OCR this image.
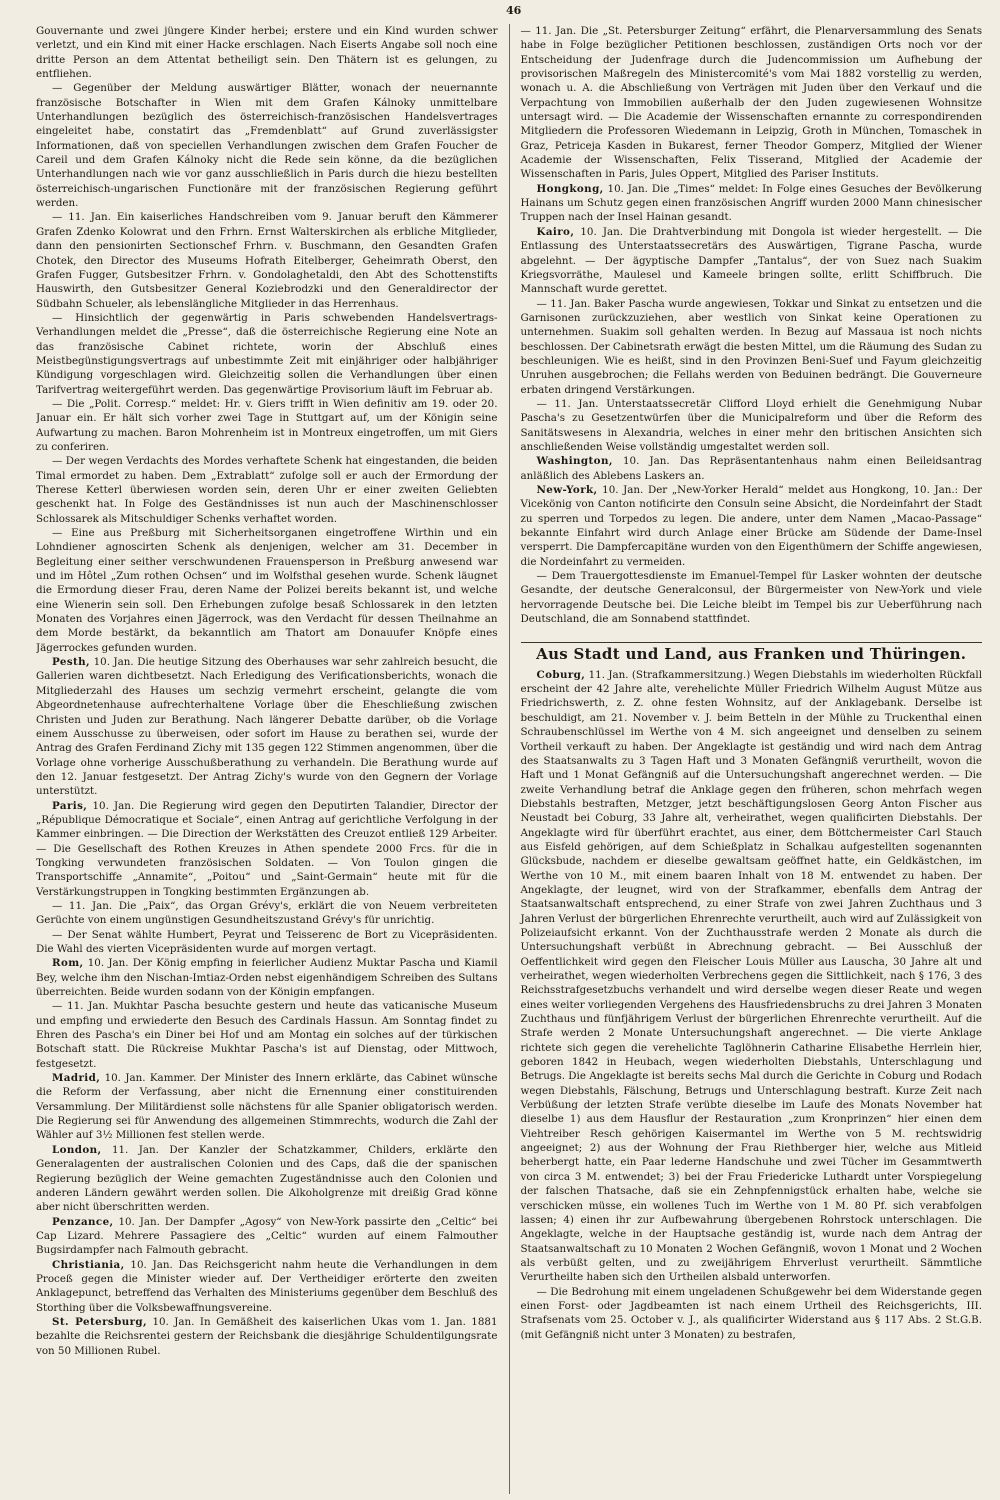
46

Gouvernante und zwei jüngere Kinder herbei; erstere und ein Kind wurden schwer verletzt, und ein Kind mit einer Hacke erschlagen. Nach Eiserts Angabe soll noch eine dritte Person an dem Attentat betheiligt sein. Den Thätern ist es gelungen, zu entfliehen.

— Gegenüber der Meldung auswärtiger Blätter, wonach der neuernannte französische Botschafter in Wien mit dem Grafen Kálnoky unmittelbare Unterhandlungen bezüglich des österreichisch-französischen Handelsvertrages eingeleitet habe, constatirt das „Fremdenblatt“ auf Grund zuverlässigster Informationen, daß von speciellen Verhandlungen zwischen dem Grafen Foucher de Careil und dem Grafen Kálnoky nicht die Rede sein könne, da die bezüglichen Unterhandlungen nach wie vor ganz ausschließlich in Paris durch die hiezu bestellten österreichisch-ungarischen Functionäre mit der französischen Regierung geführt werden.

— 11. Jan. Ein kaiserliches Handschreiben vom 9. Januar beruft den Kämmerer Grafen Zdenko Kolowrat und den Frhrn. Ernst Walterskirchen als erbliche Mitglieder, dann den pensionirten Sectionschef Frhrn. v. Buschmann, den Gesandten Grafen Chotek, den Director des Museums Hofrath Eitelberger, Geheimrath Oberst, den Grafen Fugger, Gutsbesitzer Frhrn. v. Gondolaghetaldi, den Abt des Schottenstifts Hauswirth, den Gutsbesitzer General Koziebrodzki und den Generaldirector der Südbahn Schueler, als lebenslängliche Mitglieder in das Herrenhaus.

— Hinsichtlich der gegenwärtig in Paris schwebenden Handelsvertrags-Verhandlungen meldet die „Presse“, daß die österreichische Regierung eine Note an das französische Cabinet richtete, worin der Abschluß eines Meistbegünstigungsvertrags auf unbestimmte Zeit mit einjähriger oder halbjähriger Kündigung vorgeschlagen wird. Gleichzeitig sollen die Verhandlungen über einen Tarifvertrag weitergeführt werden. Das gegenwärtige Provisorium läuft im Februar ab.

— Die „Polit. Corresp.“ meldet: Hr. v. Giers trifft in Wien definitiv am 19. oder 20. Januar ein. Er hält sich vorher zwei Tage in Stuttgart auf, um der Königin seine Aufwartung zu machen. Baron Mohrenheim ist in Montreux eingetroffen, um mit Giers zu conferiren.

— Der wegen Verdachts des Mordes verhaftete Schenk hat eingestanden, die beiden Timal ermordet zu haben. Dem „Extrablatt“ zufolge soll er auch der Ermordung der Therese Ketterl überwiesen worden sein, deren Uhr er einer zweiten Geliebten geschenkt hat. In Folge des Geständnisses ist nun auch der Maschinenschlosser Schlossarek als Mitschuldiger Schenks verhaftet worden.

— Eine aus Preßburg mit Sicherheitsorganen eingetroffene Wirthin und ein Lohndiener agnoscirten Schenk als denjenigen, welcher am 31. December in Begleitung einer seither verschwundenen Frauensperson in Preßburg anwesend war und im Hôtel „Zum rothen Ochsen“ und im Wolfsthal gesehen wurde. Schenk läugnet die Ermordung dieser Frau, deren Name der Polizei bereits bekannt ist, und welche eine Wienerin sein soll. Den Erhebungen zufolge besaß Schlossarek in den letzten Monaten des Vorjahres einen Jägerrock, was den Verdacht für dessen Theilnahme an dem Morde bestärkt, da bekanntlich am Thatort am Donauufer Knöpfe eines Jägerrockes gefunden wurden.

Pesth, 10. Jan. Die heutige Sitzung des Oberhauses war sehr zahlreich besucht, die Gallerien waren dichtbesetzt. Nach Erledigung des Verificationsberichts, wonach die Mitgliederzahl des Hauses um sechzig vermehrt erscheint, gelangte die vom Abgeordnetenhause aufrechterhaltene Vorlage über die Eheschließung zwischen Christen und Juden zur Berathung. Nach längerer Debatte darüber, ob die Vorlage einem Ausschusse zu überweisen, oder sofort im Hause zu berathen sei, wurde der Antrag des Grafen Ferdinand Zichy mit 135 gegen 122 Stimmen angenommen, über die Vorlage ohne vorherige Ausschußberathung zu verhandeln. Die Berathung wurde auf den 12. Januar festgesetzt. Der Antrag Zichy's wurde von den Gegnern der Vorlage unterstützt.

Paris, 10. Jan. Die Regierung wird gegen den Deputirten Talandier, Director der „République Démocratique et Sociale“, einen Antrag auf gerichtliche Verfolgung in der Kammer einbringen. — Die Direction der Werkstätten des Creuzot entließ 129 Arbeiter. — Die Gesellschaft des Rothen Kreuzes in Athen spendete 2000 Frcs. für die in Tongking verwundeten französischen Soldaten. — Von Toulon gingen die Transportschiffe „Annamite“, „Poitou“ und „Saint-Germain“ heute mit für die Verstärkungstruppen in Tongking bestimmten Ergänzungen ab.

— 11. Jan. Die „Paix“, das Organ Grévy's, erklärt die von Neuem verbreiteten Gerüchte von einem ungünstigen Gesundheitszustand Grévy's für unrichtig.

— Der Senat wählte Humbert, Peyrat und Teisserenc de Bort zu Vicepräsidenten. Die Wahl des vierten Vicepräsidenten wurde auf morgen vertagt.

Rom, 10. Jan. Der König empfing in feierlicher Audienz Muktar Pascha und Kiamil Bey, welche ihm den Nischan-Imtiaz-Orden nebst eigenhändigem Schreiben des Sultans überreichten. Beide wurden sodann von der Königin empfangen.

— 11. Jan. Mukhtar Pascha besuchte gestern und heute das vaticanische Museum und empfing und erwiederte den Besuch des Cardinals Hassun. Am Sonntag findet zu Ehren des Pascha's ein Diner bei Hof und am Montag ein solches auf der türkischen Botschaft statt. Die Rückreise Mukhtar Pascha's ist auf Dienstag, oder Mittwoch, festgesetzt.

Madrid, 10. Jan. Kammer. Der Minister des Innern erklärte, das Cabinet wünsche die Reform der Verfassung, aber nicht die Ernennung einer constituirenden Versammlung. Der Militärdienst solle nächstens für alle Spanier obligatorisch werden. Die Regierung sei für Anwendung des allgemeinen Stimmrechts, wodurch die Zahl der Wähler auf 3½ Millionen fest stellen werde.

London, 11. Jan. Der Kanzler der Schatzkammer, Childers, erklärte den Generalagenten der australischen Colonien und des Caps, daß die der spanischen Regierung bezüglich der Weine gemachten Zugeständnisse auch den Colonien und anderen Ländern gewährt werden sollen. Die Alkoholgrenze mit dreißig Grad könne aber nicht überschritten werden.

Penzance, 10. Jan. Der Dampfer „Agosy“ von New-York passirte den „Celtic“ bei Cap Lizard. Mehrere Passagiere des „Celtic“ wurden auf einem Falmouther Bugsirdampfer nach Falmouth gebracht.

Christiania, 10. Jan. Das Reichsgericht nahm heute die Verhandlungen in dem Proceß gegen die Minister wieder auf. Der Vertheidiger erörterte den zweiten Anklagepunct, betreffend das Verhalten des Ministeriums gegenüber dem Beschluß des Storthing über die Volksbewaffnungsvereine.

St. Petersburg, 10. Jan. In Gemäßheit des kaiserlichen Ukas vom 1. Jan. 1881 bezahlte die Reichsrentei gestern der Reichsbank die diesjährige Schuldentilgungsrate von 50 Millionen Rubel.

— 11. Jan. Die „St. Petersburger Zeitung“ erfährt, die Plenarversammlung des Senats habe in Folge bezüglicher Petitionen beschlossen, zuständigen Orts noch vor der Entscheidung der Judenfrage durch die Judencommission um Aufhebung der provisorischen Maßregeln des Ministercomité's vom Mai 1882 vorstellig zu werden, wonach u. A. die Abschließung von Verträgen mit Juden über den Verkauf und die Verpachtung von Immobilien außerhalb der den Juden zugewiesenen Wohnsitze untersagt wird. — Die Academie der Wissenschaften ernannte zu correspondirenden Mitgliedern die Professoren Wiedemann in Leipzig, Groth in München, Tomaschek in Graz, Petriceja Kasden in Bukarest, ferner Theodor Gomperz, Mitglied der Wiener Academie der Wissenschaften, Felix Tisserand, Mitglied der Academie der Wissenschaften in Paris, Jules Oppert, Mitglied des Pariser Instituts.

Hongkong, 10. Jan. Die „Times“ meldet: In Folge eines Gesuches der Bevölkerung Hainans um Schutz gegen einen französischen Angriff wurden 2000 Mann chinesischer Truppen nach der Insel Hainan gesandt.

Kairo, 10. Jan. Die Drahtverbindung mit Dongola ist wieder hergestellt. — Die Entlassung des Unterstaatssecretärs des Auswärtigen, Tigrane Pascha, wurde abgelehnt. — Der ägyptische Dampfer „Tantalus“, der von Suez nach Suakim Kriegsvorräthe, Maulesel und Kameele bringen sollte, erlitt Schiffbruch. Die Mannschaft wurde gerettet.

— 11. Jan. Baker Pascha wurde angewiesen, Tokkar und Sinkat zu entsetzen und die Garnisonen zurückzuziehen, aber westlich von Sinkat keine Operationen zu unternehmen. Suakim soll gehalten werden. In Bezug auf Massaua ist noch nichts beschlossen. Der Cabinetsrath erwägt die besten Mittel, um die Räumung des Sudan zu beschleunigen. Wie es heißt, sind in den Provinzen Beni-Suef und Fayum gleichzeitig Unruhen ausgebrochen; die Fellahs werden von Beduinen bedrängt. Die Gouverneure erbaten dringend Verstärkungen.

— 11. Jan. Unterstaatssecretär Clifford Lloyd erhielt die Genehmigung Nubar Pascha's zu Gesetzentwürfen über die Municipalreform und über die Reform des Sanitätswesens in Alexandria, welches in einer mehr den britischen Ansichten sich anschließenden Weise vollständig umgestaltet werden soll.

Washington, 10. Jan. Das Repräsentantenhaus nahm einen Beileidsantrag anläßlich des Ablebens Laskers an.

New-York, 10. Jan. Der „New-Yorker Herald“ meldet aus Hongkong, 10. Jan.: Der Vicekönig von Canton notificirte den Consuln seine Absicht, die Nordeinfahrt der Stadt zu sperren und Torpedos zu legen. Die andere, unter dem Namen „Macao-Passage“ bekannte Einfahrt wird durch Anlage einer Brücke am Südende der Dame-Insel versperrt. Die Dampfercapitäne wurden von den Eigenthümern der Schiffe angewiesen, die Nordeinfahrt zu vermeiden.

— Dem Trauergottesdienste im Emanuel-Tempel für Lasker wohnten der deutsche Gesandte, der deutsche Generalconsul, der Bürgermeister von New-York und viele hervorragende Deutsche bei. Die Leiche bleibt im Tempel bis zur Ueberführung nach Deutschland, die am Sonnabend stattfindet.

Aus Stadt und Land, aus Franken und Thüringen.

Coburg, 11. Jan. (Strafkammersitzung.) Wegen Diebstahls im wiederholten Rückfall erscheint der 42 Jahre alte, verehelichte Müller Friedrich Wilhelm August Mütze aus Friedrichswerth, z. Z. ohne festen Wohnsitz, auf der Anklagebank. Derselbe ist beschuldigt, am 21. November v. J. beim Betteln in der Mühle zu Truckenthal einen Schraubenschlüssel im Werthe von 4 M. sich angeeignet und denselben zu seinem Vortheil verkauft zu haben. Der Angeklagte ist geständig und wird nach dem Antrag des Staatsanwalts zu 3 Tagen Haft und 3 Monaten Gefängniß verurtheilt, wovon die Haft und 1 Monat Gefängniß auf die Untersuchungshaft angerechnet werden. — Die zweite Verhandlung betraf die Anklage gegen den früheren, schon mehrfach wegen Diebstahls bestraften, Metzger, jetzt beschäftigungslosen Georg Anton Fischer aus Neustadt bei Coburg, 33 Jahre alt, verheirathet, wegen qualificirten Diebstahls. Der Angeklagte wird für überführt erachtet, aus einer, dem Böttchermeister Carl Stauch aus Eisfeld gehörigen, auf dem Schießplatz in Schalkau aufgestellten sogenannten Glücksbude, nachdem er dieselbe gewaltsam geöffnet hatte, ein Geldkästchen, im Werthe von 10 M., mit einem baaren Inhalt von 18 M. entwendet zu haben. Der Angeklagte, der leugnet, wird von der Strafkammer, ebenfalls dem Antrag der Staatsanwaltschaft entsprechend, zu einer Strafe von zwei Jahren Zuchthaus und 3 Jahren Verlust der bürgerlichen Ehrenrechte verurtheilt, auch wird auf Zulässigkeit von Polizeiaufsicht erkannt. Von der Zuchthausstrafe werden 2 Monate als durch die Untersuchungshaft verbüßt in Abrechnung gebracht. — Bei Ausschluß der Oeffentlichkeit wird gegen den Fleischer Louis Müller aus Lauscha, 30 Jahre alt und verheirathet, wegen wiederholten Verbrechens gegen die Sittlichkeit, nach § 176, 3 des Reichsstrafgesetzbuchs verhandelt und wird derselbe wegen dieser Reate und wegen eines weiter vorliegenden Vergehens des Hausfriedensbruchs zu drei Jahren 3 Monaten Zuchthaus und fünfjährigem Verlust der bürgerlichen Ehrenrechte verurtheilt. Auf die Strafe werden 2 Monate Untersuchungshaft angerechnet. — Die vierte Anklage richtete sich gegen die verehelichte Taglöhnerin Catharine Elisabethe Herrlein hier, geboren 1842 in Heubach, wegen wiederholten Diebstahls, Unterschlagung und Betrugs. Die Angeklagte ist bereits sechs Mal durch die Gerichte in Coburg und Rodach wegen Diebstahls, Fälschung, Betrugs und Unterschlagung bestraft. Kurze Zeit nach Verbüßung der letzten Strafe verübte dieselbe im Laufe des Monats November hat dieselbe 1) aus dem Hausflur der Restauration „zum Kronprinzen“ hier einen dem Viehtreiber Resch gehörigen Kaisermantel im Werthe von 5 M. rechtswidrig angeeignet; 2) aus der Wohnung der Frau Riethberger hier, welche aus Mitleid beherbergt hatte, ein Paar lederne Handschuhe und zwei Tücher im Gesammtwerth von circa 3 M. entwendet; 3) bei der Frau Friedericke Luthardt unter Vorspiegelung der falschen Thatsache, daß sie ein Zehnpfennigstück erhalten habe, welche sie verschicken müsse, ein wollenes Tuch im Werthe von 1 M. 80 Pf. sich verabfolgen lassen; 4) einen ihr zur Aufbewahrung übergebenen Rohrstock unterschlagen. Die Angeklagte, welche in der Hauptsache geständig ist, wurde nach dem Antrag der Staatsanwaltschaft zu 10 Monaten 2 Wochen Gefängniß, wovon 1 Monat und 2 Wochen als verbüßt gelten, und zu zweijährigem Ehrverlust verurtheilt. Sämmtliche Verurtheilte haben sich den Urtheilen alsbald unterworfen.

— Die Bedrohung mit einem ungeladenen Schußgewehr bei dem Widerstande gegen einen Forst- oder Jagdbeamten ist nach einem Urtheil des Reichsgerichts, III. Strafsenats vom 25. October v. J., als qualificirter Widerstand aus § 117 Abs. 2 St.G.B. (mit Gefängniß nicht unter 3 Monaten) zu bestrafen,
